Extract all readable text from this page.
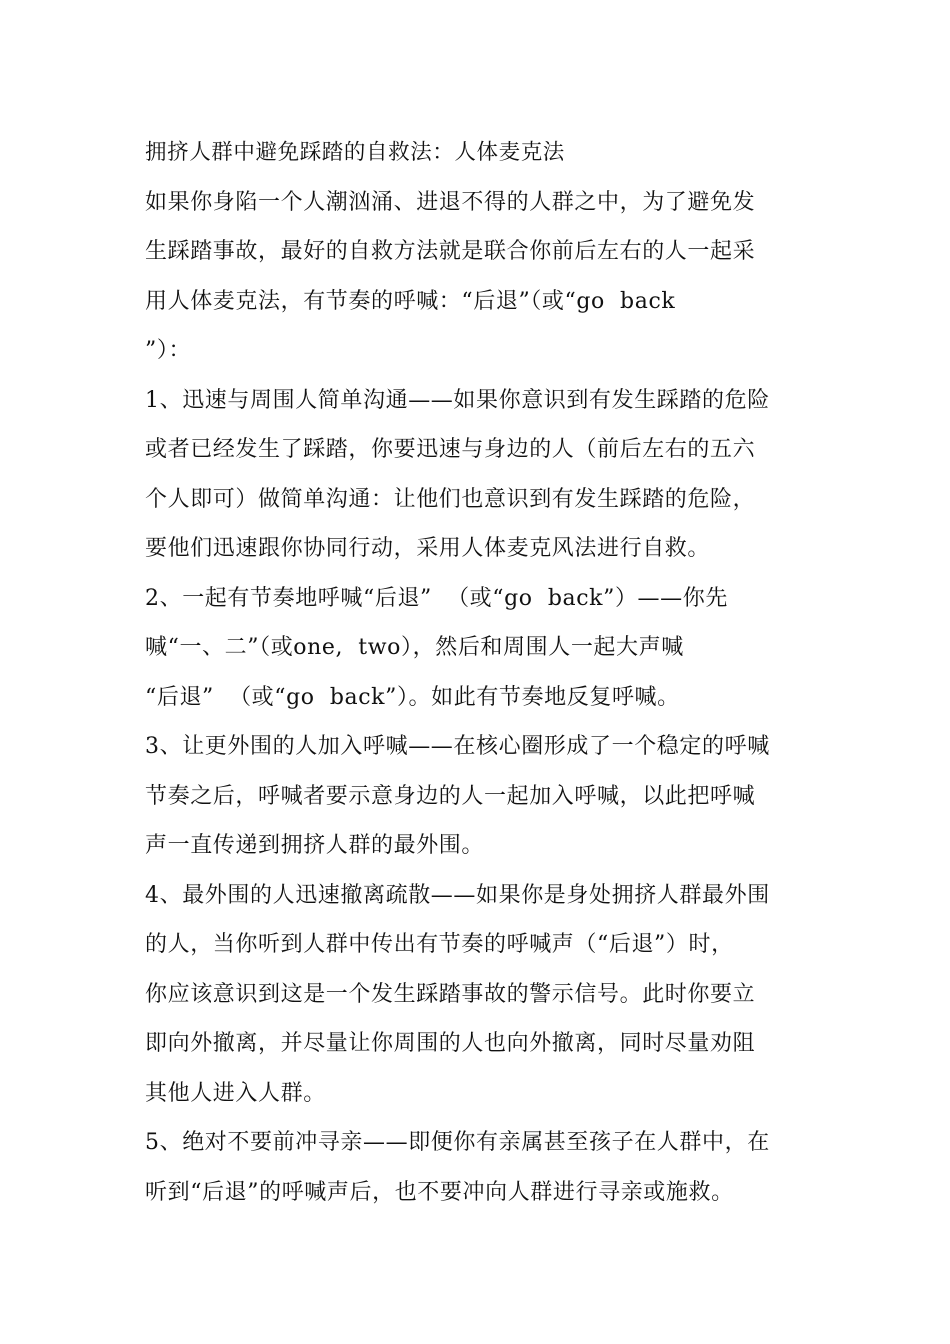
拥挤人群中避免踩踏的自救法：人体麦克法
如果你身陷一个人潮汹涌、进退不得的人群之中，为了避免发
生踩踏事故，最好的自救方法就是联合你前后左右的人一起采
用人体麦克法，有节奏的呼喊：“后退”（或“go  back
”）：
1、迅速与周围人简单沟通——如果你意识到有发生踩踏的危险
或者已经发生了踩踏，你要迅速与身边的人（前后左右的五六
个人即可）做简单沟通：让他们也意识到有发生踩踏的危险，
要他们迅速跟你协同行动，采用人体麦克风法进行自救。
2、一起有节奏地呼喊“后退”  （或“go  back”）——你先
喊“一、二”（或one,  two），然后和周围人一起大声喊
“后退”  （或“go  back”）。如此有节奏地反复呼喊。
3、让更外围的人加入呼喊——在核心圈形成了一个稳定的呼喊
节奏之后，呼喊者要示意身边的人一起加入呼喊，以此把呼喊
声一直传递到拥挤人群的最外围。
4、最外围的人迅速撤离疏散——如果你是身处拥挤人群最外围
的人，当你听到人群中传出有节奏的呼喊声（“后退”）时，
你应该意识到这是一个发生踩踏事故的警示信号。此时你要立
即向外撤离，并尽量让你周围的人也向外撤离，同时尽量劝阻
其他人进入人群。
5、绝对不要前冲寻亲——即便你有亲属甚至孩子在人群中，在
听到“后退”的呼喊声后，也不要冲向人群进行寻亲或施救。
